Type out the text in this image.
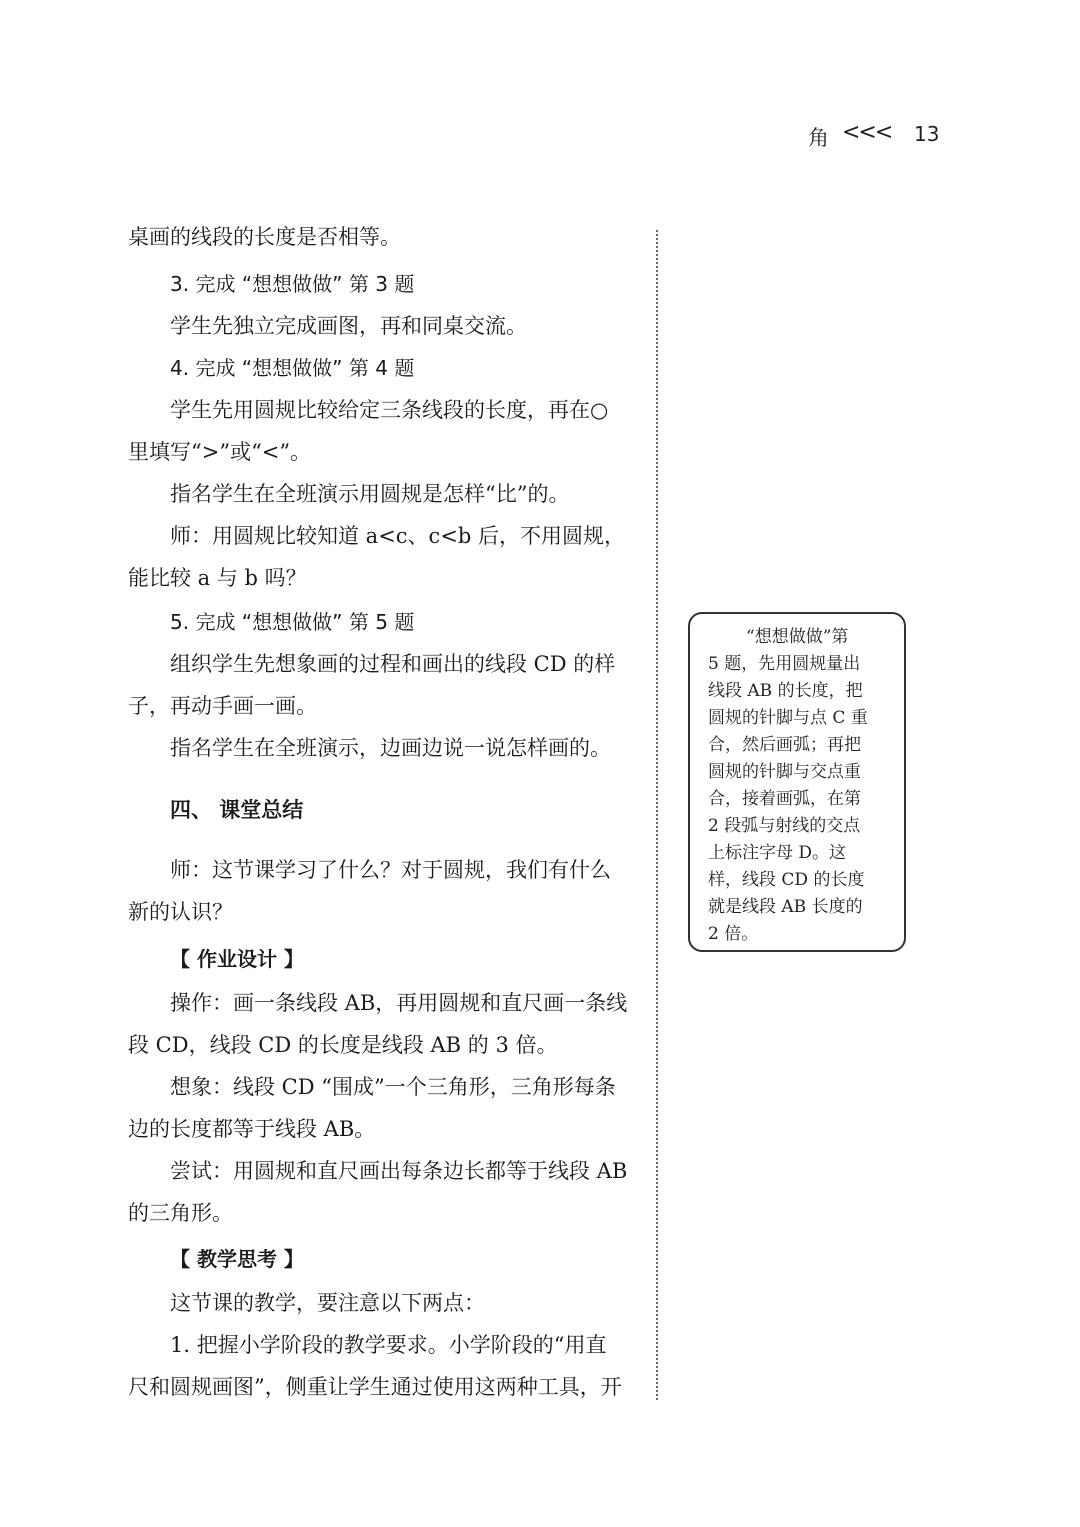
角 <<< 13
桌画的线段的长度是否相等。
3. 完成 “想想做做” 第 3 题
学生先独立完成画图，再和同桌交流。
4. 完成 “想想做做” 第 4 题
学生先用圆规比较给定三条线段的长度，再在○
里填写“>”或“<”。
指名学生在全班演示用圆规是怎样“比”的。
师：用圆规比较知道 a<c、c<b 后，不用圆规，
能比较 a 与 b 吗？
5. 完成 “想想做做” 第 5 题
组织学生先想象画的过程和画出的线段 CD 的样
子，再动手画一画。
指名学生在全班演示，边画边说一说怎样画的。
四、 课堂总结
师：这节课学习了什么？对于圆规，我们有什么
新的认识？
【 作业设计 】
操作：画一条线段 AB，再用圆规和直尺画一条线
段 CD，线段 CD 的长度是线段 AB 的 3 倍。
想象：线段 CD “围成”一个三角形，三角形每条
边的长度都等于线段 AB。
尝试：用圆规和直尺画出每条边长都等于线段 AB
的三角形。
【 教学思考 】
这节课的教学，要注意以下两点：
1. 把握小学阶段的教学要求。小学阶段的“用直
尺和圆规画图”，侧重让学生通过使用这两种工具，开
“想想做做”第
5 题，先用圆规量出
线段 AB 的长度，把
圆规的针脚与点 C 重
合，然后画弧；再把
圆规的针脚与交点重
合，接着画弧，在第
2 段弧与射线的交点
上标注字母 D。这
样，线段 CD 的长度
就是线段 AB 长度的
2 倍。
